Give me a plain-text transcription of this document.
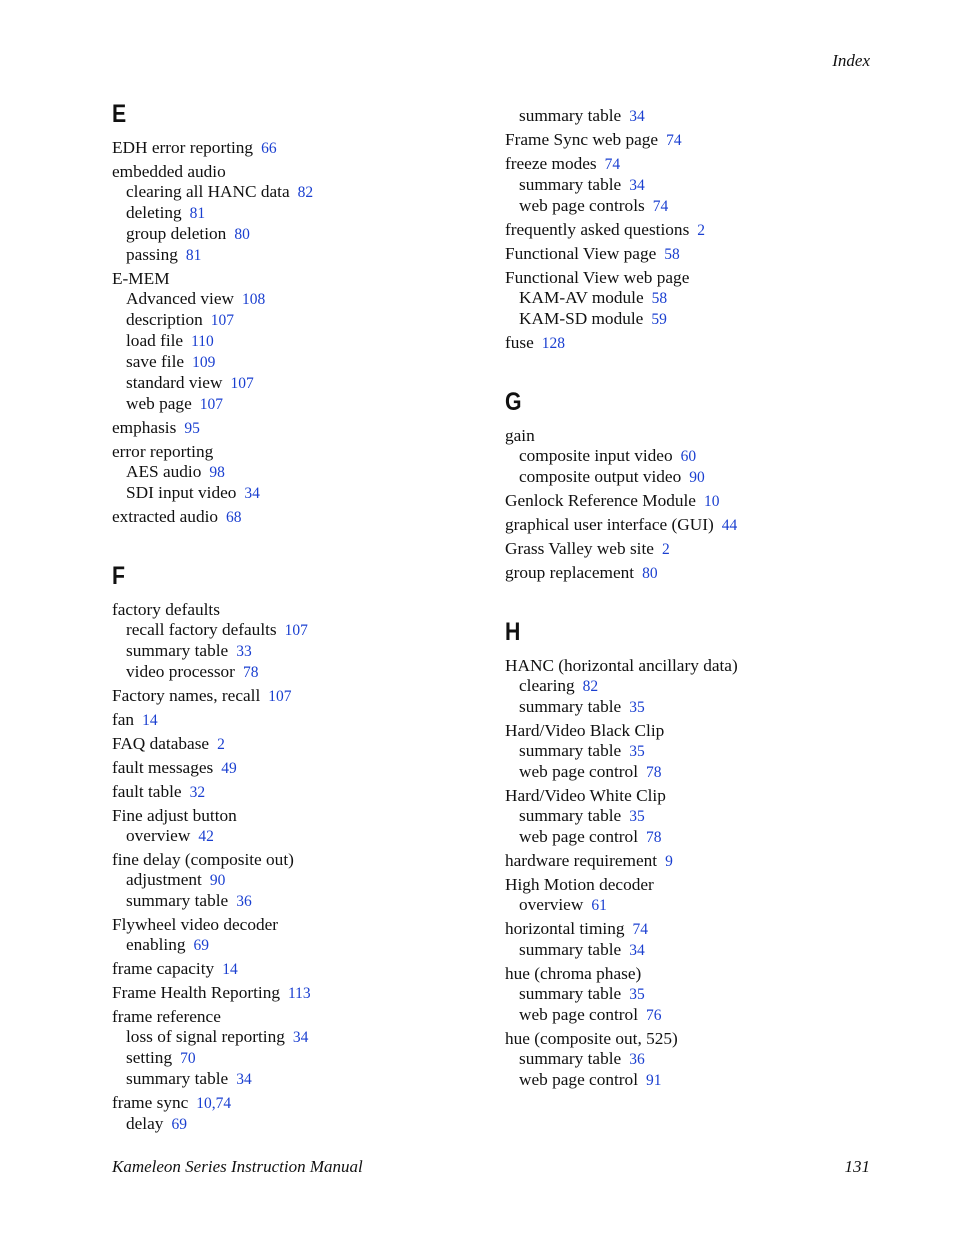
Index
E
EDH error reporting 66
embedded audio
clearing all HANC data 82
deleting 81
group deletion 80
passing 81
E-MEM
Advanced view 108
description 107
load file 110
save file 109
standard view 107
web page 107
emphasis 95
error reporting
AES audio 98
SDI input video 34
extracted audio 68
F
factory defaults
recall factory defaults 107
summary table 33
video processor 78
Factory names, recall 107
fan 14
FAQ database 2
fault messages 49
fault table 32
Fine adjust button
overview 42
fine delay (composite out)
adjustment 90
summary table 36
Flywheel video decoder
enabling 69
frame capacity 14
Frame Health Reporting 113
frame reference
loss of signal reporting 34
setting 70
summary table 34
frame sync 10,74
delay 69
summary table 34
Frame Sync web page 74
freeze modes 74
summary table 34
web page controls 74
frequently asked questions 2
Functional View page 58
Functional View web page
KAM-AV module 58
KAM-SD module 59
fuse 128
G
gain
composite input video 60
composite output video 90
Genlock Reference Module 10
graphical user interface (GUI) 44
Grass Valley web site 2
group replacement 80
H
HANC (horizontal ancillary data)
clearing 82
summary table 35
Hard/Video Black Clip
summary table 35
web page control 78
Hard/Video White Clip
summary table 35
web page control 78
hardware requirement 9
High Motion decoder
overview 61
horizontal timing 74
summary table 34
hue (chroma phase)
summary table 35
web page control 76
hue (composite out, 525)
summary table 36
web page control 91
Kameleon Series Instruction Manual	131
